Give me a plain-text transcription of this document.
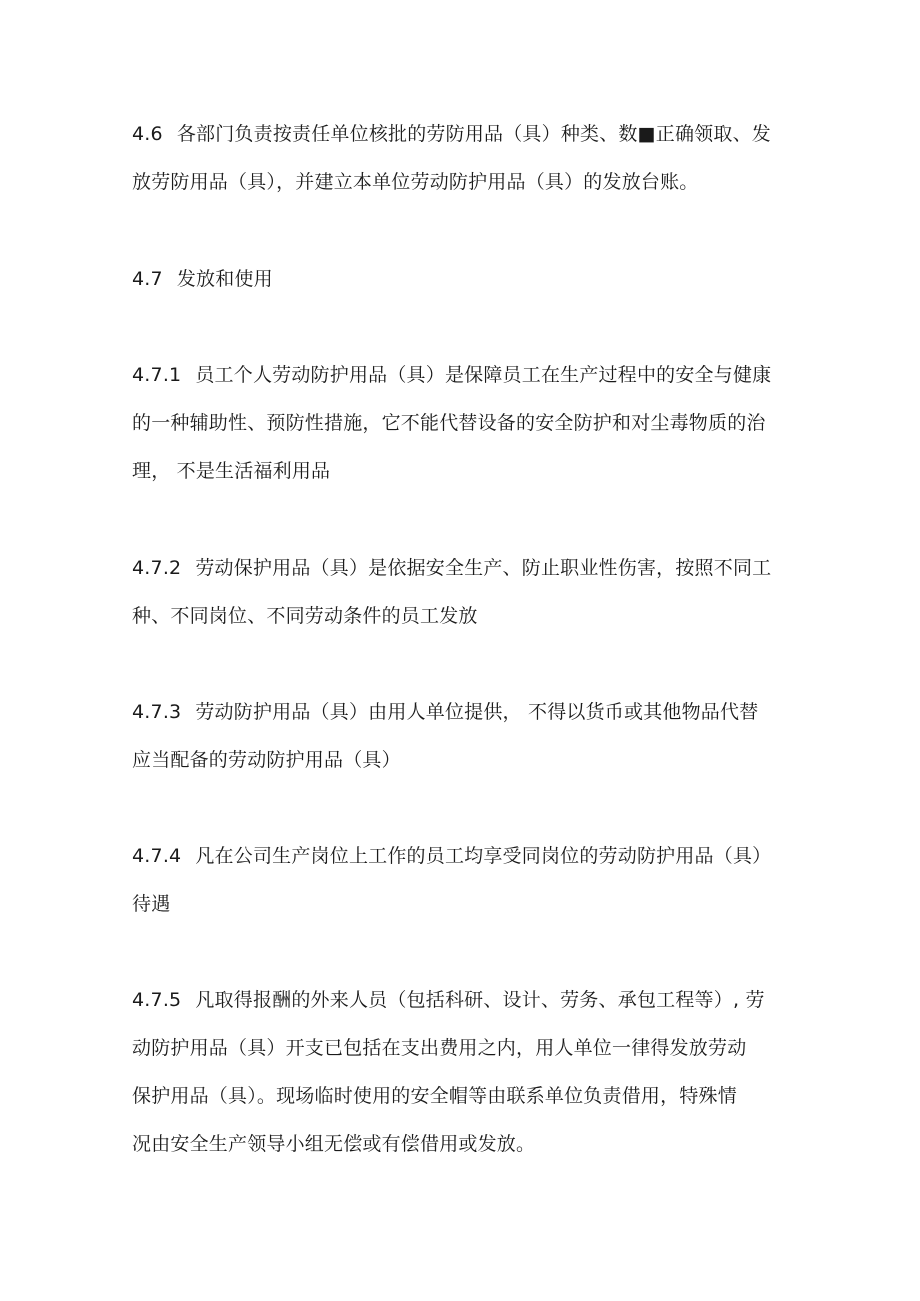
4.6 各部门负责按责任单位核批的劳防用品（具）种类、数■正确领取、发
放劳防用品（具），并建立本单位劳动防护用品（具）的发放台账。
4.7 发放和使用
4.7.1 员工个人劳动防护用品（具）是保障员工在生产过程中的安全与健康
的一种辅助性、预防性措施，它不能代替设备的安全防护和对尘毒物质的治
理， 不是生活福利用品
4.7.2 劳动保护用品（具）是依据安全生产、防止职业性伤害，按照不同工
种、不同岗位、不同劳动条件的员工发放
4.7.3 劳动防护用品（具）由用人单位提供， 不得以货币或其他物品代替
应当配备的劳动防护用品（具）
4.7.4 凡在公司生产岗位上工作的员工均享受同岗位的劳动防护用品（具）
待遇
4.7.5 凡取得报酬的外来人员（包括科研、设计、劳务、承包工程等）, 劳
动防护用品（具）开支已包括在支出费用之内，用人单位一律得发放劳动
保护用品（具）。现场临时使用的安全帽等由联系单位负责借用，特殊情
况由安全生产领导小组无偿或有偿借用或发放。
